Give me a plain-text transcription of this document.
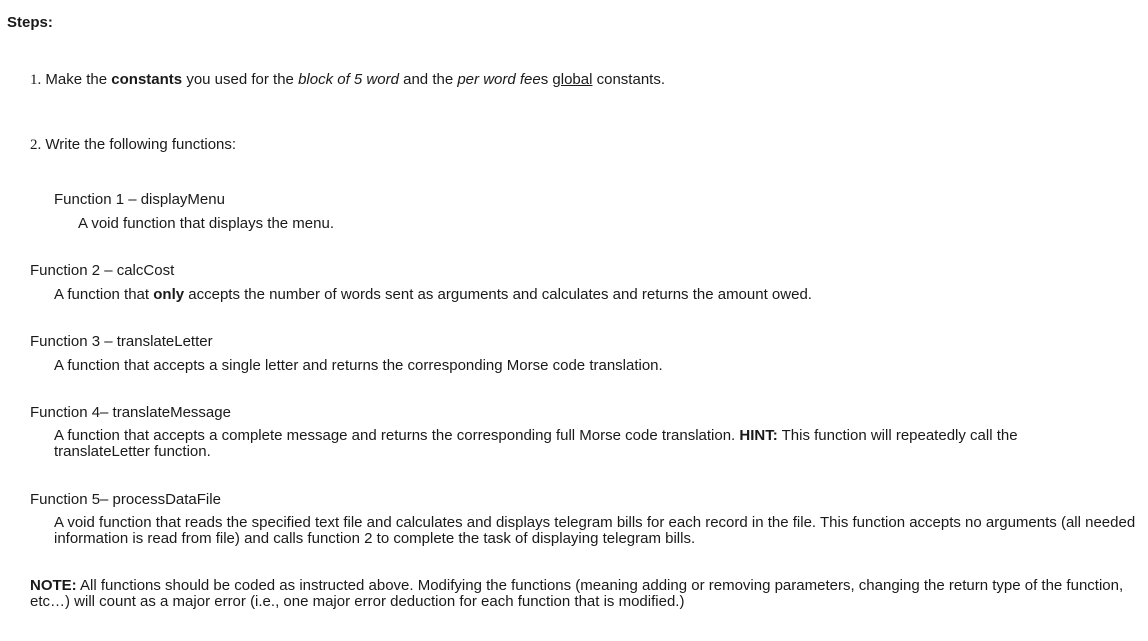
Steps:
1. Make the constants you used for the block of 5 word and the per word fees global constants.
2. Write the following functions:
Function 1 – displayMenu
A void function that displays the menu.
Function 2 – calcCost
A function that only accepts the number of words sent as arguments and calculates and returns the amount owed.
Function 3 – translateLetter
A function that accepts a single letter and returns the corresponding Morse code translation.
Function 4– translateMessage
A function that accepts a complete message and returns the corresponding full Morse code translation. HINT: This function will repeatedly call the translateLetter function.
Function 5– processDataFile
A void function that reads the specified text file and calculates and displays telegram bills for each record in the file. This function accepts no arguments (all needed information is read from file) and calls function 2 to complete the task of displaying telegram bills.
NOTE: All functions should be coded as instructed above. Modifying the functions (meaning adding or removing parameters, changing the return type of the function, etc…) will count as a major error (i.e., one major error deduction for each function that is modified.)
